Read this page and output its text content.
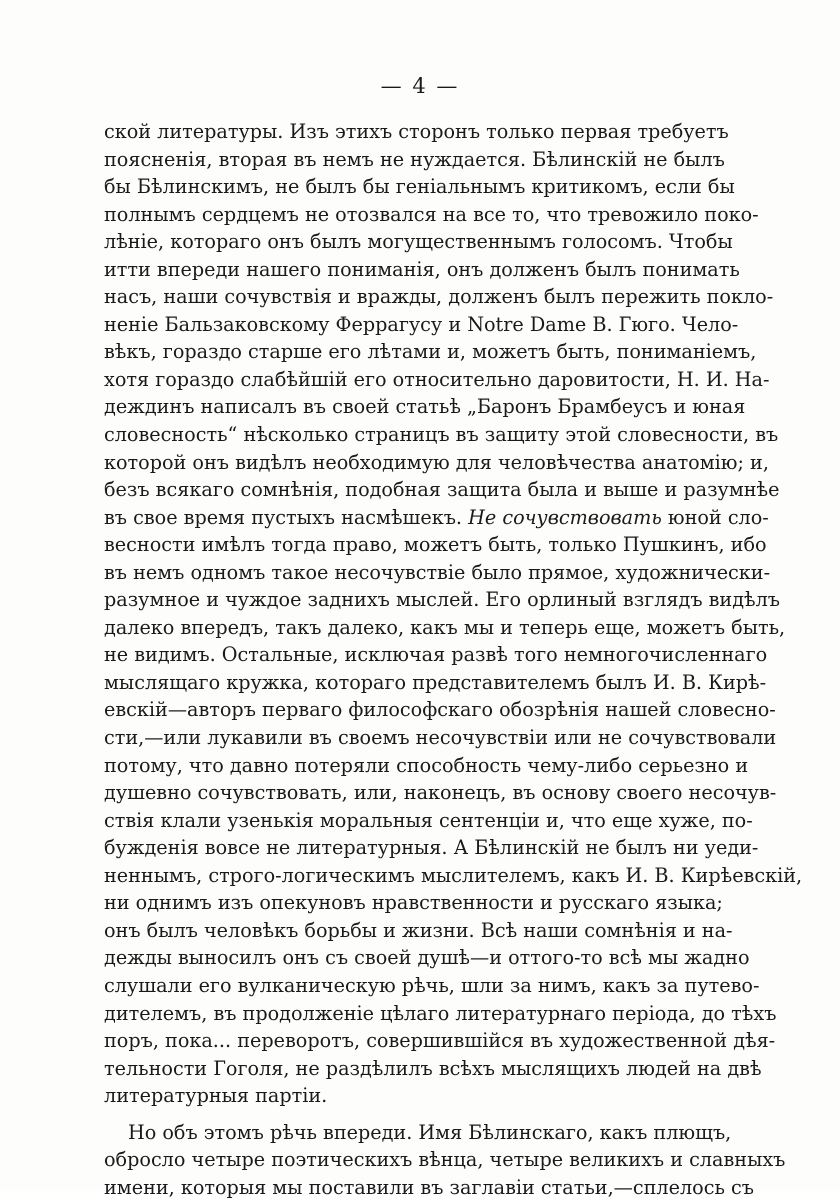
— 4 —
ской литературы. Изъ этихъ сторонъ только первая требуетъ
поясненія, вторая въ немъ не нуждается. Бѣлинскій не былъ
бы Бѣлинскимъ, не былъ бы геніальнымъ критикомъ, если бы
полнымъ сердцемъ не отозвался на все то, что тревожило поко-
лѣніе, котораго онъ былъ могущественнымъ голосомъ. Чтобы
итти впереди нашего пониманія, онъ долженъ былъ понимать
насъ, наши сочувствія и вражды, долженъ былъ пережить покло-
неніе Бальзаковскому Феррагусу и Notre Dame В. Гюго. Чело-
вѣкъ, гораздо старше его лѣтами и, можетъ быть, пониманіемъ,
хотя гораздо слабѣйшій его относительно даровитости, Н. И. На-
деждинъ написалъ въ своей статьѣ „Баронъ Брамбеусъ и юная
словесность“ нѣсколько страницъ въ защиту этой словесности, въ
которой онъ видѣлъ необходимую для человѣчества анатомію; и,
безъ всякаго сомнѣнія, подобная защита была и выше и разумнѣе
въ свое время пустыхъ насмѣшекъ. Не сочувствовать юной сло-
весности имѣлъ тогда право, можетъ быть, только Пушкинъ, ибо
въ немъ одномъ такое несочувствіе было прямое, художнически-
разумное и чуждое заднихъ мыслей. Его орлиный взглядъ видѣлъ
далеко впередъ, такъ далеко, какъ мы и теперь еще, можетъ быть,
не видимъ. Остальные, исключая развѣ того немногочисленнаго
мыслящаго кружка, котораго представителемъ былъ И. В. Кирѣ-
евскій—авторъ перваго философскаго обозрѣнія нашей словесно-
сти,—или лукавили въ своемъ несочувствіи или не сочувствовали
потому, что давно потеряли способность чему-либо серьезно и
душевно сочувствовать, или, наконецъ, въ основу своего несочув-
ствія клали узенькія моральныя сентенціи и, что еще хуже, по-
бужденія вовсе не литературныя. А Бѣлинскій не былъ ни уеди-
неннымъ, строго-логическимъ мыслителемъ, какъ И. В. Кирѣевскій,
ни однимъ изъ опекуновъ нравственности и русскаго языка;
онъ былъ человѣкъ борьбы и жизни. Всѣ наши сомнѣнія и на-
дежды выносилъ онъ съ своей душѣ—и оттого-то всѣ мы жадно
слушали его вулканическую рѣчь, шли за нимъ, какъ за путево-
дителемъ, въ продолженіе цѣлаго литературнаго періода, до тѣхъ
поръ, пока... переворотъ, совершившійся въ художественной дѣя-
тельности Гоголя, не раздѣлилъ всѣхъ мыслящихъ людей на двѣ
литературныя партіи.
Но объ этомъ рѣчь впереди. Имя Бѣлинскаго, какъ плющъ,
обросло четыре поэтическихъ вѣнца, четыре великихъ и славныхъ
имени, которыя мы поставили въ заглавіи статьи,—сплелось съ
